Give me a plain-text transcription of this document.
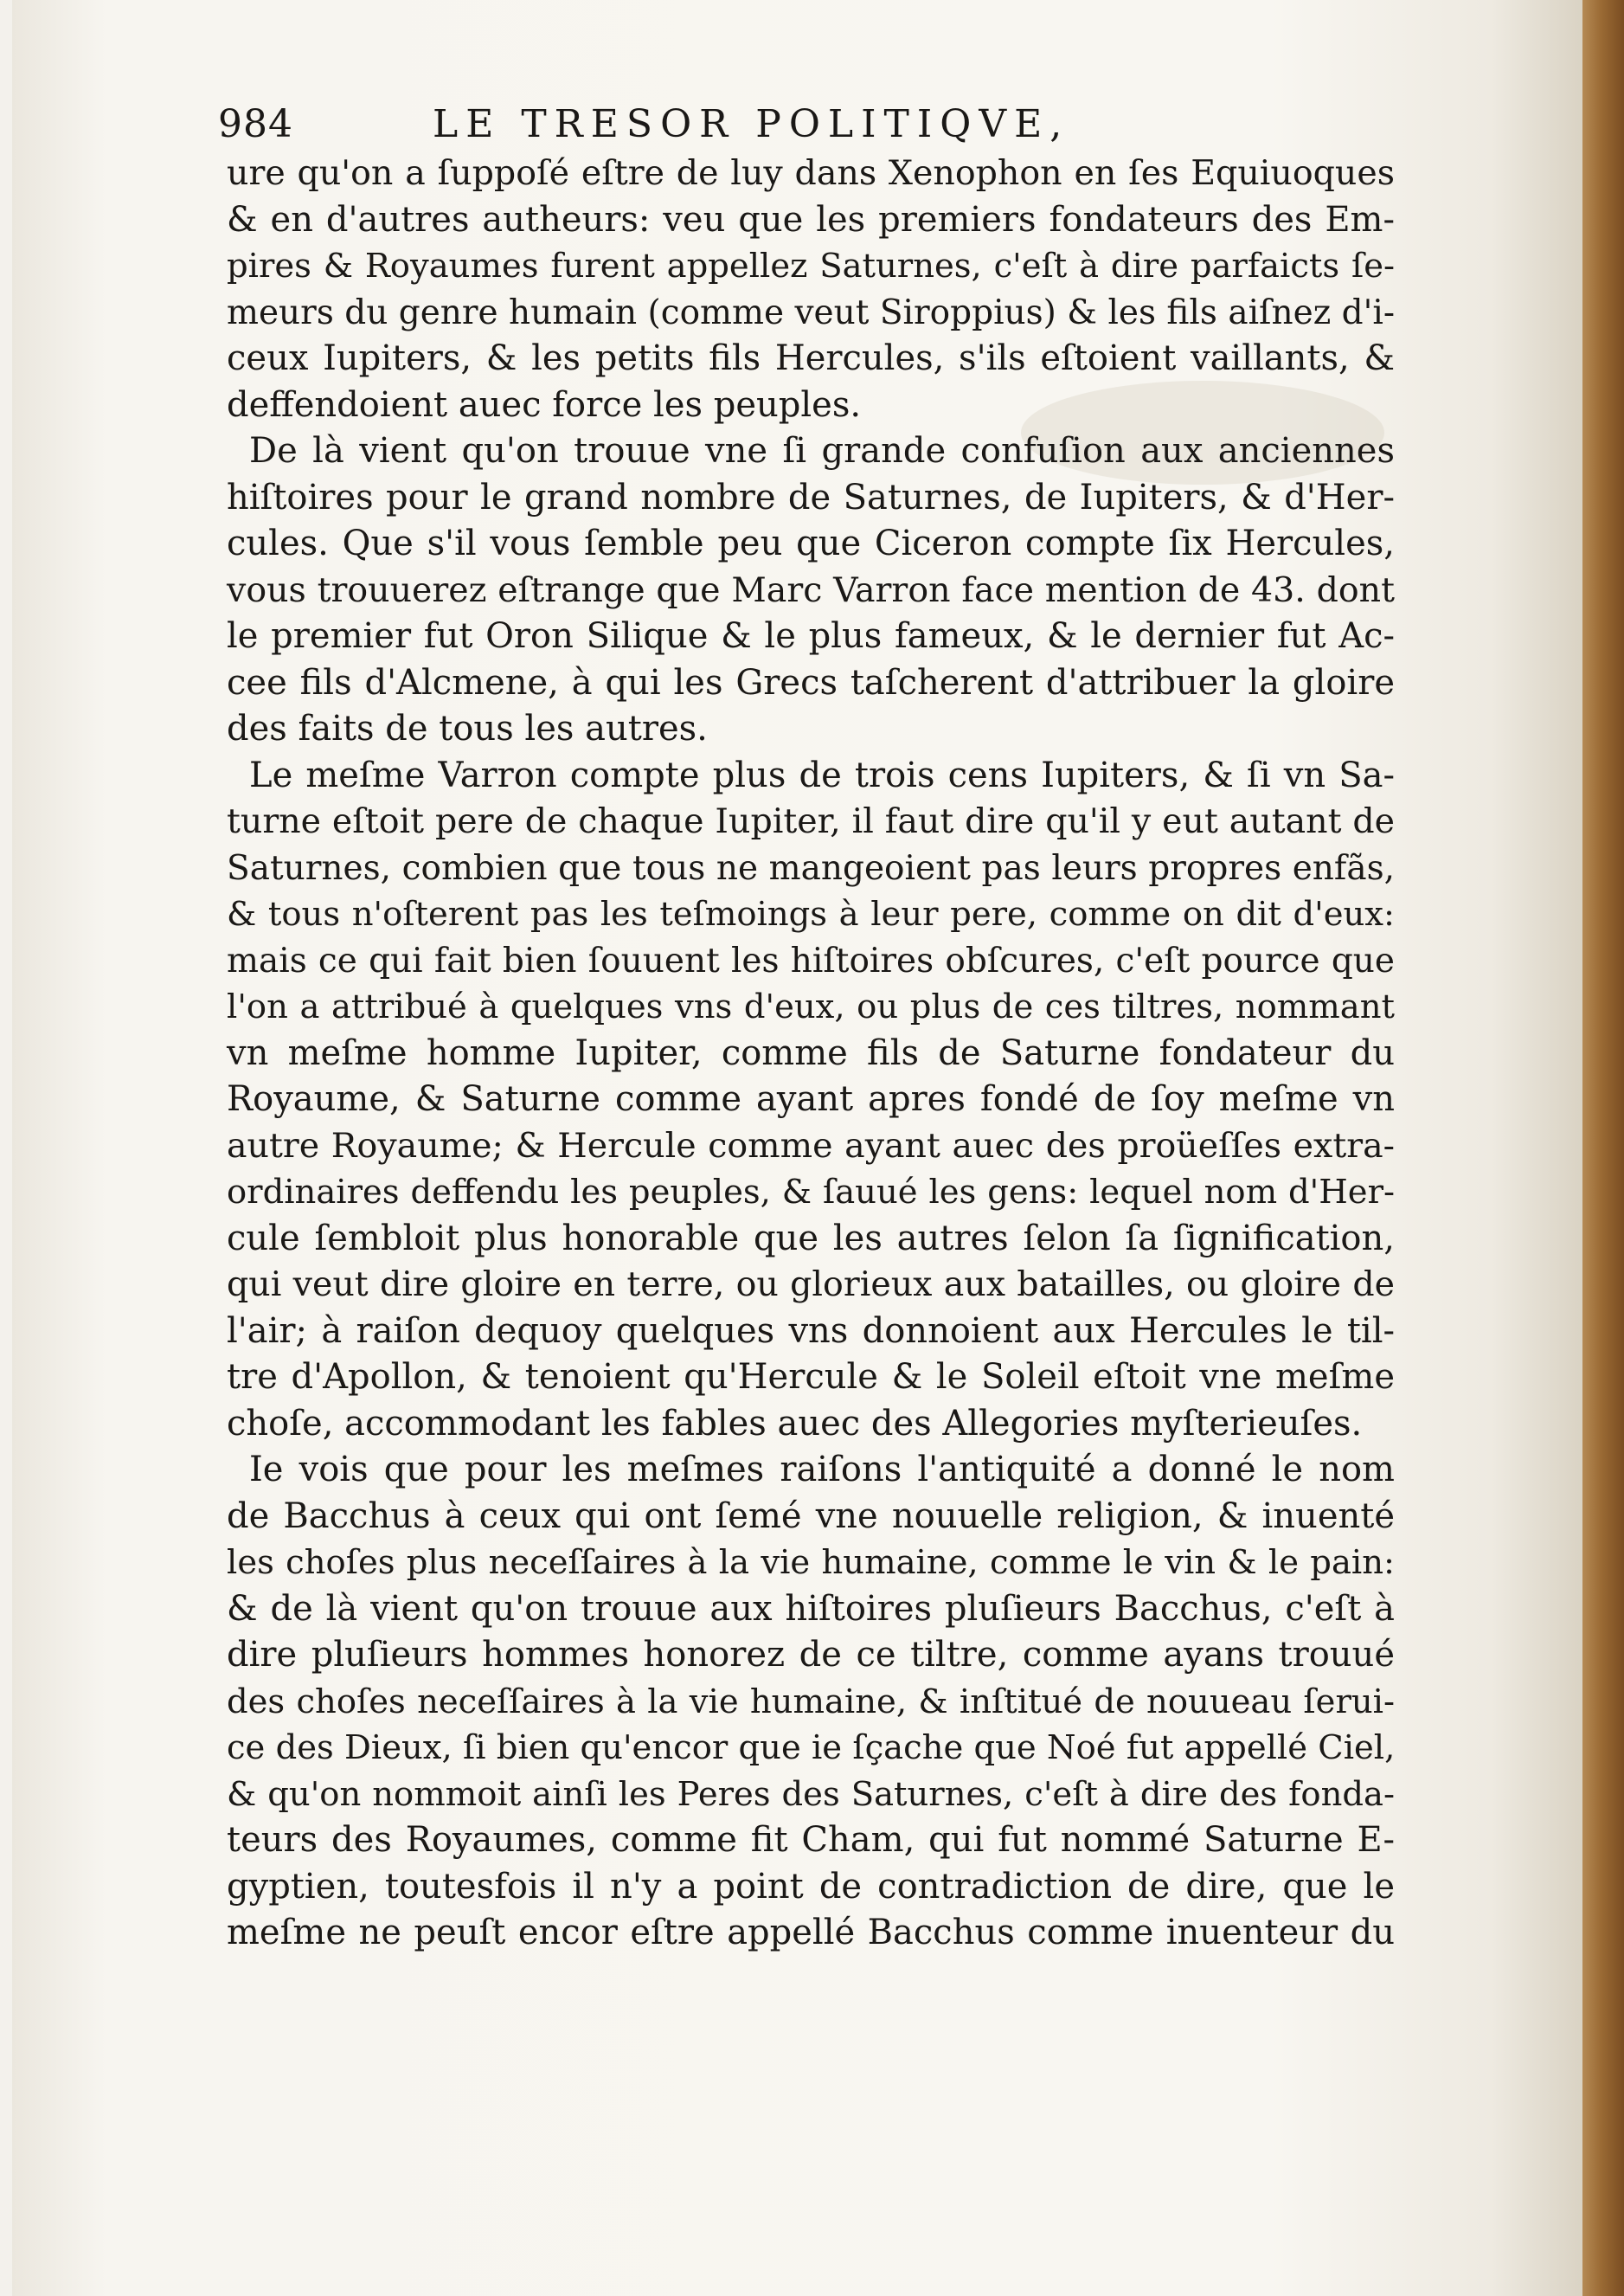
984	LE TRESOR POLITIQVE,
ure qu'on a ſuppoſé eſtre de luy dans Xenophon en ſes Equiuoques
& en d'autres autheurs: veu que les premiers fondateurs des Em-
pires & Royaumes furent appellez Saturnes, c'eſt à dire parfaicts ſe-
meurs du genre humain (comme veut Siroppius) & les fils aiſnez d'i-
ceux Iupiters, & les petits fils Hercules, s'ils eſtoient vaillants, &
deffendoient auec force les peuples.
De là vient qu'on trouue vne ſi grande confuſion aux anciennes
hiſtoires pour le grand nombre de Saturnes, de Iupiters, & d'Her-
cules. Que s'il vous ſemble peu que Ciceron compte ſix Hercules,
vous trouuerez eſtrange que Marc Varron face mention de 43. dont
le premier fut Oron Silique & le plus fameux, & le dernier fut Ac-
cee fils d'Alcmene, à qui les Grecs taſcherent d'attribuer la gloire
des faits de tous les autres.
Le meſme Varron compte plus de trois cens Iupiters, & ſi vn Sa-
turne eſtoit pere de chaque Iupiter, il faut dire qu'il y eut autant de
Saturnes, combien que tous ne mangeoient pas leurs propres enfãs,
& tous n'oſterent pas les teſmoings à leur pere, comme on dit d'eux:
mais ce qui fait bien ſouuent les hiſtoires obſcures, c'eſt pource que
l'on a attribué à quelques vns d'eux, ou plus de ces tiltres, nommant
vn meſme homme Iupiter, comme fils de Saturne fondateur du
Royaume, & Saturne comme ayant apres fondé de ſoy meſme vn
autre Royaume; & Hercule comme ayant auec des proüeſſes extra-
ordinaires deffendu les peuples, & ſauué les gens: lequel nom d'Her-
cule ſembloit plus honorable que les autres ſelon ſa ſignification,
qui veut dire gloire en terre, ou glorieux aux batailles, ou gloire de
l'air; à raiſon dequoy quelques vns donnoient aux Hercules le til-
tre d'Apollon, & tenoient qu'Hercule & le Soleil eſtoit vne meſme
choſe, accommodant les fables auec des Allegories myſterieuſes.
Ie vois que pour les meſmes raiſons l'antiquité a donné le nom
de Bacchus à ceux qui ont ſemé vne nouuelle religion, & inuenté
les choſes plus neceſſaires à la vie humaine, comme le vin & le pain:
& de là vient qu'on trouue aux hiſtoires pluſieurs Bacchus, c'eſt à
dire pluſieurs hommes honorez de ce tiltre, comme ayans trouué
des choſes neceſſaires à la vie humaine, & inſtitué de nouueau ſerui-
ce des Dieux, ſi bien qu'encor que ie ſçache que Noé fut appellé Ciel,
& qu'on nommoit ainſi les Peres des Saturnes, c'eſt à dire des fonda-
teurs des Royaumes, comme fit Cham, qui fut nommé Saturne E-
gyptien, toutesfois il n'y a point de contradiction de dire, que le
meſme ne peuſt encor eſtre appellé Bacchus comme inuenteur du
